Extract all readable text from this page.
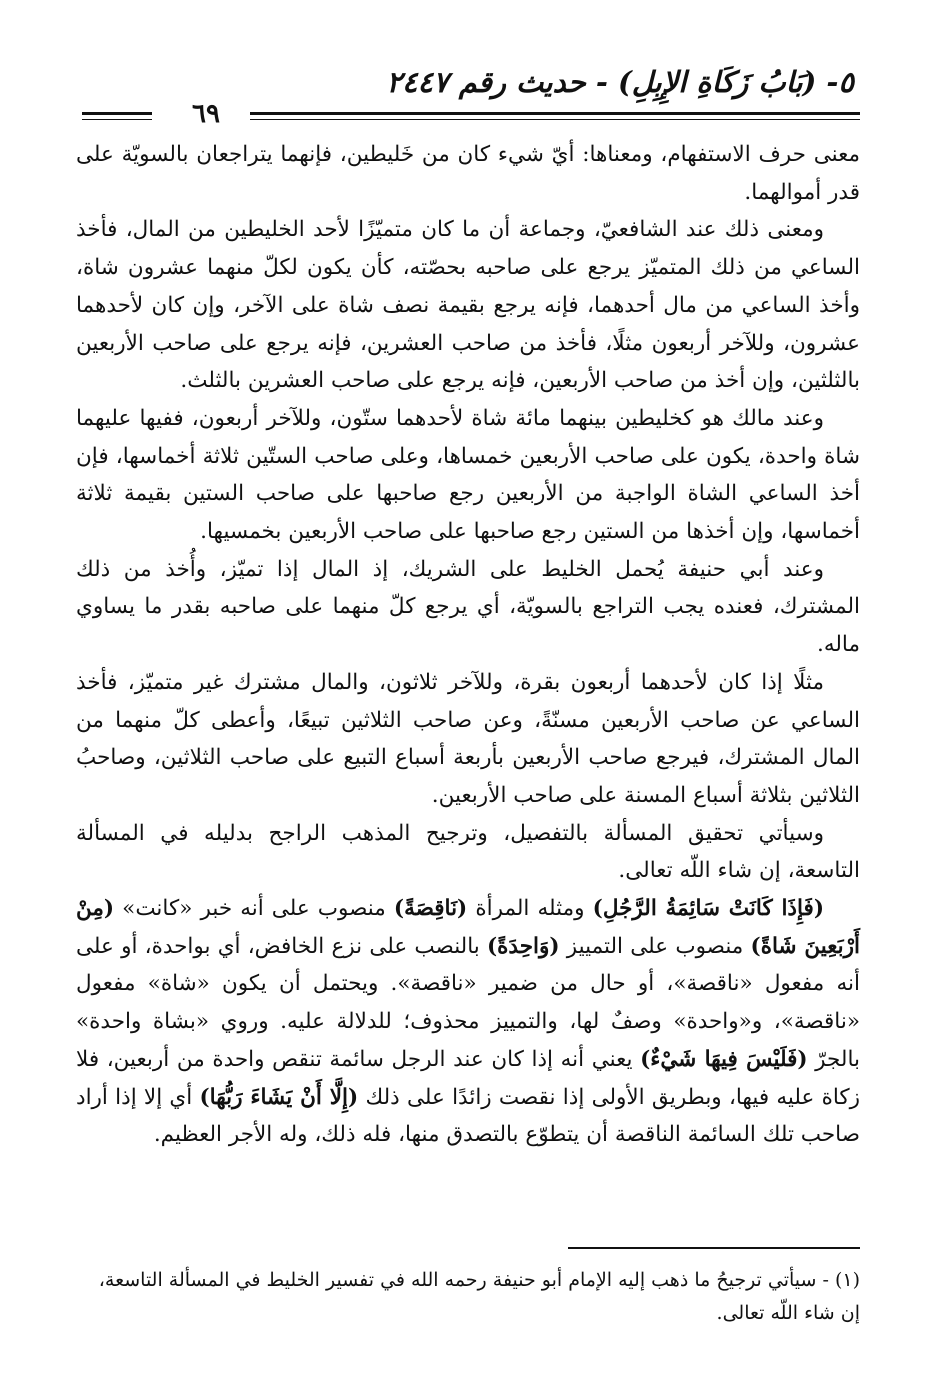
٥- (بَابُ زَكَاةِ الإِبِلِ) - حديث رقم ٢٤٤٧
٦٩

معنى حرف الاستفهام، ومعناها: أيّ شيء كان من خَليطين، فإنهما يتراجعان بالسويّة على قدر أموالهما.

ومعنى ذلك عند الشافعيّ، وجماعة أن ما كان متميّزًا لأحد الخليطين من المال، فأخذ الساعي من ذلك المتميّز يرجع على صاحبه بحصّته، كأن يكون لكلّ منهما عشرون شاة، وأخذ الساعي من مال أحدهما، فإنه يرجع بقيمة نصف شاة على الآخر، وإن كان لأحدهما عشرون، وللآخر أربعون مثلًا، فأخذ من صاحب العشرين، فإنه يرجع على صاحب الأربعين بالثلثين، وإن أخذ من صاحب الأربعين، فإنه يرجع على صاحب العشرين بالثلث.

وعند مالك هو كخليطين بينهما مائة شاة لأحدهما ستّون، وللآخر أربعون، ففيها عليهما شاة واحدة، يكون على صاحب الأربعين خمساها، وعلى صاحب الستّين ثلاثة أخماسها، فإن أخذ الساعي الشاة الواجبة من الأربعين رجع صاحبها على صاحب الستين بقيمة ثلاثة أخماسها، وإن أخذها من الستين رجع صاحبها على صاحب الأربعين بخمسيها.

وعند أبي حنيفة يُحمل الخليط على الشريك، إذ المال إذا تميّز، وأُخذ من ذلك المشترك، فعنده يجب التراجع بالسويّة، أي يرجع كلّ منهما على صاحبه بقدر ما يساوي ماله.

مثلًا إذا كان لأحدهما أربعون بقرة، وللآخر ثلاثون، والمال مشترك غير متميّز، فأخذ الساعي عن صاحب الأربعين مسنّةً، وعن صاحب الثلاثين تبيعًا، وأعطى كلّ منهما من المال المشترك، فيرجع صاحب الأربعين بأربعة أسباع التبيع على صاحب الثلاثين، وصاحبُ الثلاثين بثلاثة أسباع المسنة على صاحب الأربعين.

وسيأتي تحقيق المسألة بالتفصيل، وترجيح المذهب الراجح بدليله في المسألة التاسعة، إن شاء اللّه تعالى.

(فَإِذَا كَانَتْ سَائِمَةُ الرَّجُلِ) ومثله المرأة (نَاقِصَةً) منصوب على أنه خبر «كانت» (مِنْ أَرْبَعِينَ شَاةً) منصوب على التمييز (وَاحِدَةً) بالنصب على نزع الخافض، أي بواحدة، أو على أنه مفعول «ناقصة»، أو حال من ضمير «ناقصة». ويحتمل أن يكون «شاة» مفعول «ناقصة»، و«واحدة» وصفٌ لها، والتمييز محذوف؛ للدلالة عليه. وروي «بشاة واحدة» بالجرّ (فَلَيْسَ فِيهَا شَيْءٌ) يعني أنه إذا كان عند الرجل سائمة تنقص واحدة من أربعين، فلا زكاة عليه فيها، وبطريق الأولى إذا نقصت زائدًا على ذلك (إِلَّا أَنْ يَشَاءَ رَبُّهَا) أي إلا إذا أراد صاحب تلك السائمة الناقصة أن يتطوّع بالتصدق منها، فله ذلك، وله الأجر العظيم.

(١) - سيأتي ترجيحُ ما ذهب إليه الإمام أبو حنيفة رحمه الله في تفسير الخليط في المسألة التاسعة، إن شاء اللّه تعالى.
